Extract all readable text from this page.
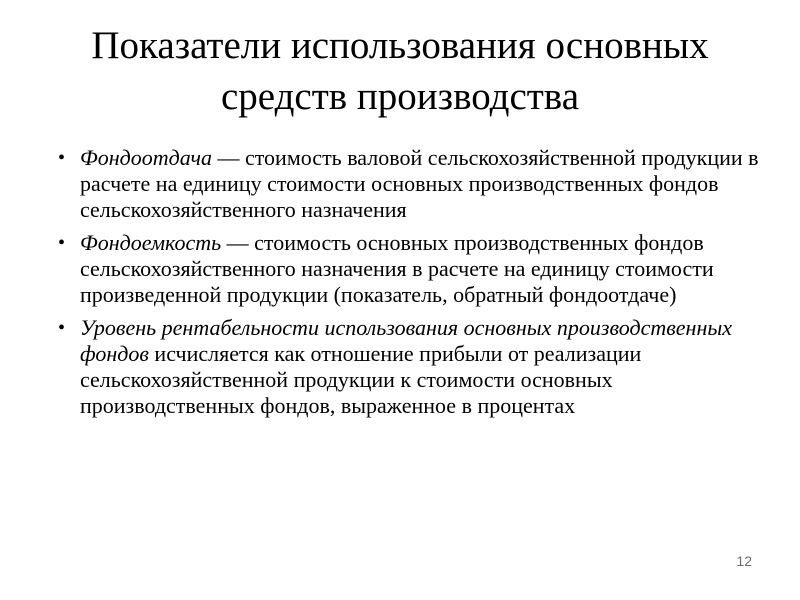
Показатели использования основных средств производства
• Фондоотдача — стоимость валовой сельскохозяйственной продукции в расчете на единицу стоимости основных производственных фондов сельскохозяйственного назначения
• Фондоемкость — стоимость основных производственных фондов сельскохозяйственного назначения в расчете на единицу стоимости произведенной продукции (показатель, обратный фондоотдаче)
• Уровень рентабельности использования основных производственных фондов исчисляется как отношение прибыли от реализации сельскохозяйственной продукции к стоимости основных производственных фондов, выраженное в процентах
12
